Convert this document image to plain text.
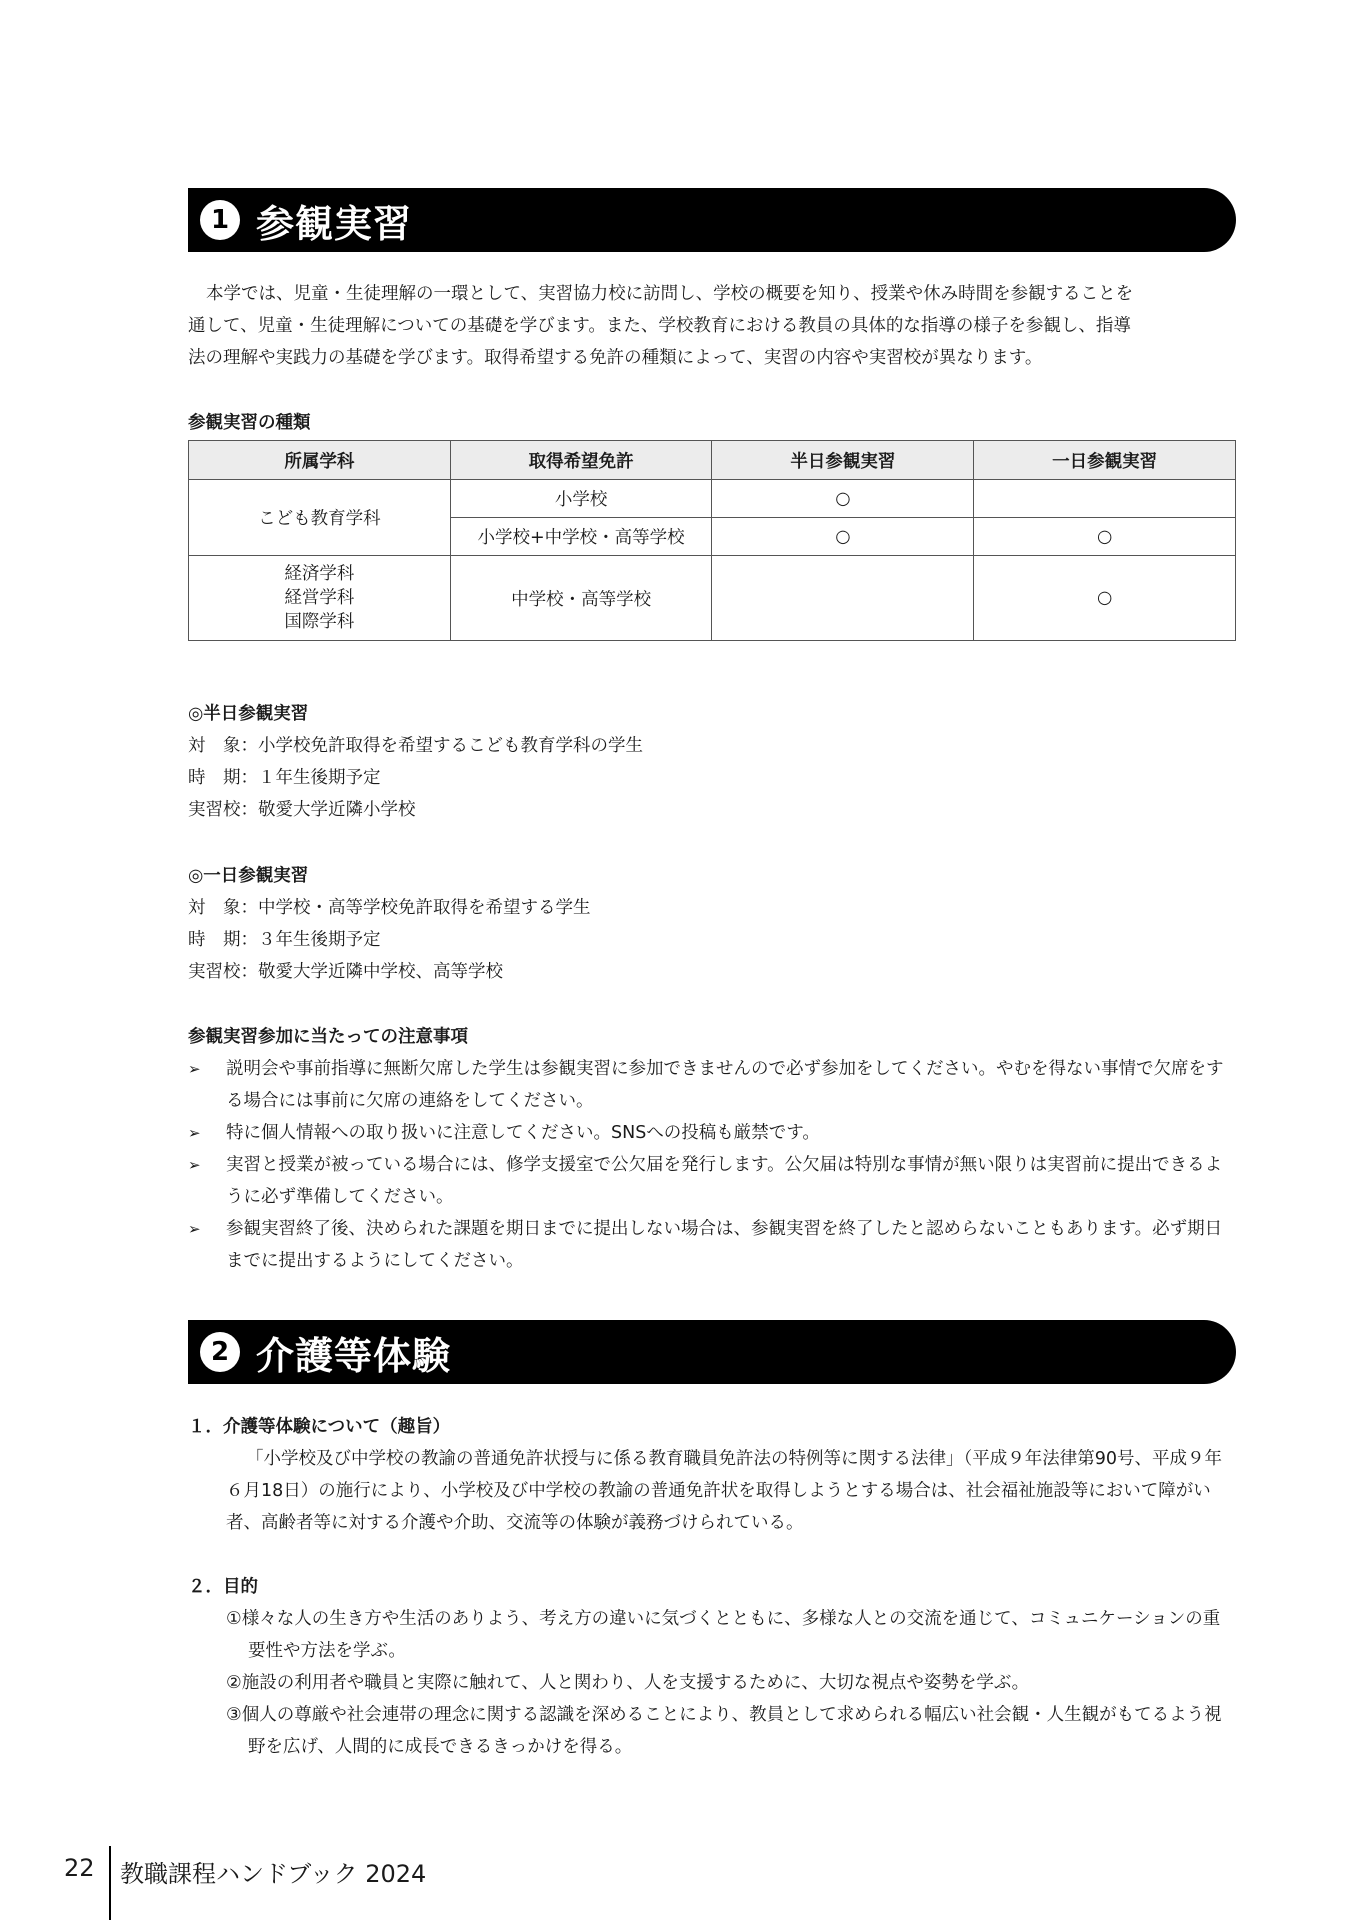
1 参観実習
本学では、児童・生徒理解の一環として、実習協力校に訪問し、学校の概要を知り、授業や休み時間を参観することを
通して、児童・生徒理解についての基礎を学びます。また、学校教育における教員の具体的な指導の様子を参観し、指導
法の理解や実践力の基礎を学びます。取得希望する免許の種類によって、実習の内容や実習校が異なります。
参観実習の種類
所属学科	取得希望免許	半日参観実習	一日参観実習
こども教育学科	小学校	○	
	小学校+中学校・高等学校	○	○

経済学科
経営学科
国際学科	中学校・高等学校		○
◎半日参観実習
対　象：小学校免許取得を希望するこども教育学科の学生
時　期：１年生後期予定
実習校：敬愛大学近隣小学校
◎一日参観実習
対　象：中学校・高等学校免許取得を希望する学生
時　期：３年生後期予定
実習校：敬愛大学近隣中学校、高等学校
参観実習参加に当たっての注意事項
➢ 説明会や事前指導に無断欠席した学生は参観実習に参加できませんので必ず参加をしてください。やむを得ない事情で欠席をする場合には事前に欠席の連絡をしてください。
➢ 特に個人情報への取り扱いに注意してください。SNSへの投稿も厳禁です。
➢ 実習と授業が被っている場合には、修学支援室で公欠届を発行します。公欠届は特別な事情が無い限りは実習前に提出できるように必ず準備してください。
➢ 参観実習終了後、決められた課題を期日までに提出しない場合は、参観実習を終了したと認めらないこともあります。必ず期日までに提出するようにしてください。
2 介護等体験
１．介護等体験について（趣旨）
「小学校及び中学校の教諭の普通免許状授与に係る教育職員免許法の特例等に関する法律」（平成９年法律第90号、平成９年６月18日）の施行により、小学校及び中学校の教諭の普通免許状を取得しようとする場合は、社会福祉施設等において障がい者、高齢者等に対する介護や介助、交流等の体験が義務づけられている。
２．目的
①様々な人の生き方や生活のありよう、考え方の違いに気づくとともに、多様な人との交流を通じて、コミュニケーションの重要性や方法を学ぶ。
②施設の利用者や職員と実際に触れて、人と関わり、人を支援するために、大切な視点や姿勢を学ぶ。
③個人の尊厳や社会連帯の理念に関する認識を深めることにより、教員として求められる幅広い社会観・人生観がもてるよう視野を広げ、人間的に成長できるきっかけを得る。
22 教職課程ハンドブック 2024
